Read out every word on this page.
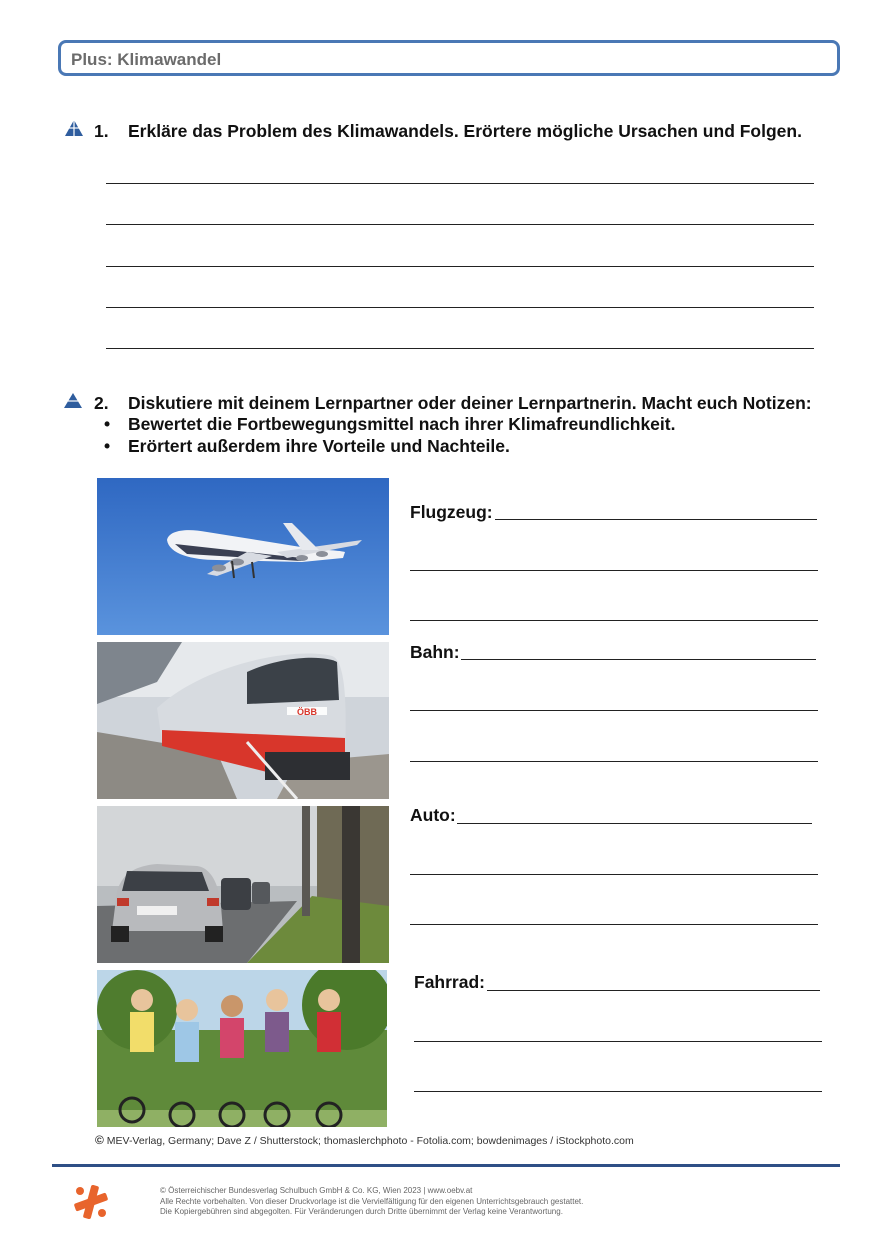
Plus: Klimawandel
1. Erkläre das Problem des Klimawandels. Erörtere mögliche Ursachen und Folgen.
2. Diskutiere mit deinem Lernpartner oder deiner Lernpartnerin. Macht euch Notizen:
• Bewertet die Fortbewegungsmittel nach ihrer Klimafreundlichkeit.
• Erörtert außerdem ihre Vorteile und Nachteile.
ÖBB
Flugzeug:
Bahn:
Auto:
Fahrrad:
© MEV-Verlag, Germany; Dave Z / Shutterstock; thomaslerchphoto - Fotolia.com; bowdenimages / iStockphoto.com
© Österreichischer Bundesverlag Schulbuch GmbH & Co. KG, Wien 2023 | www.oebv.at
Alle Rechte vorbehalten. Von dieser Druckvorlage ist die Vervielfältigung für den eigenen Unterrichtsgebrauch gestattet.
Die Kopiergebühren sind abgegolten. Für Veränderungen durch Dritte übernimmt der Verlag keine Verantwortung.
